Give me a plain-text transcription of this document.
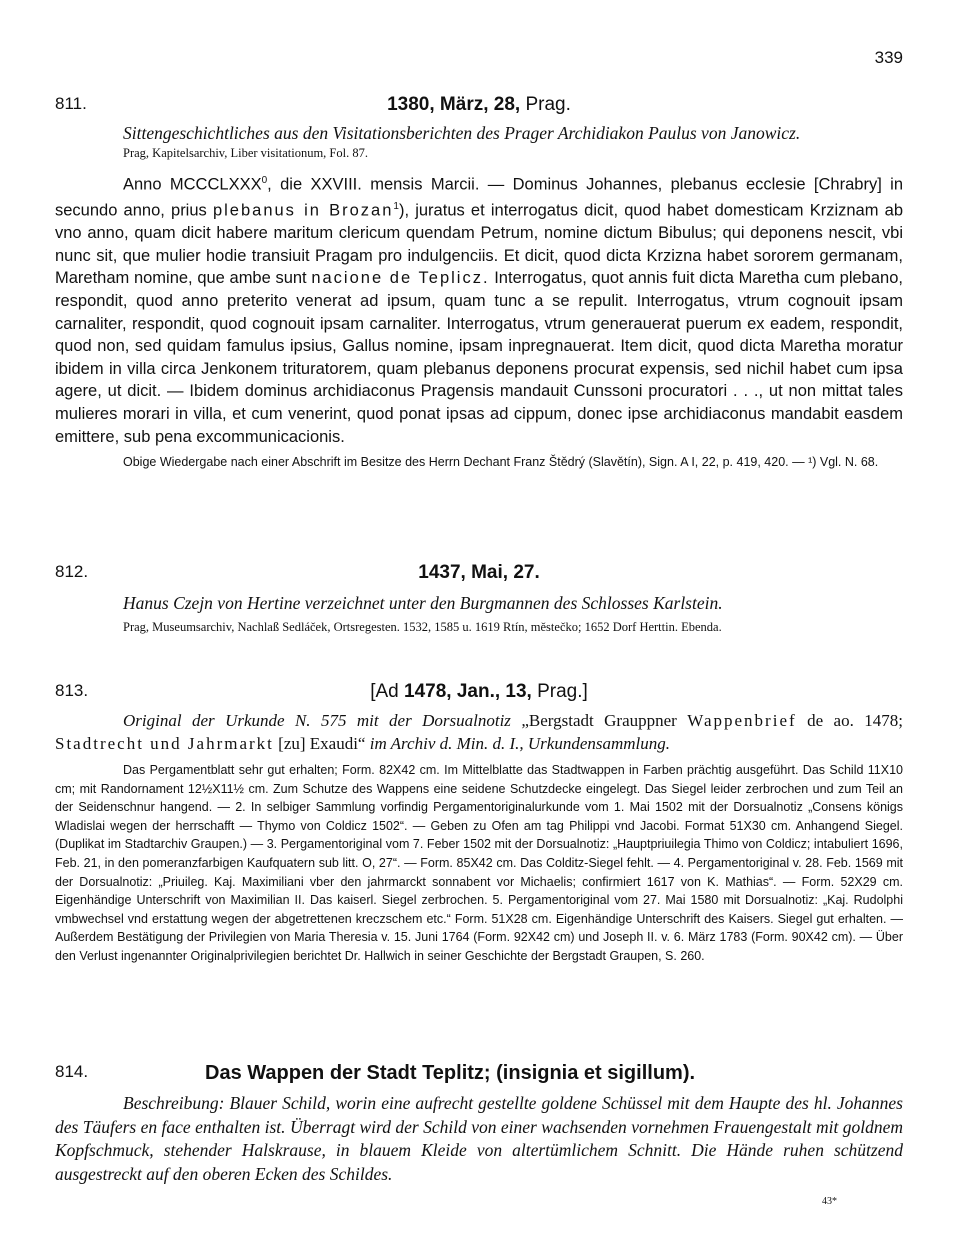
339
811.	1380, März, 28, Prag.
Sittengeschichtliches aus den Visitationsberichten des Prager Archidiakon Paulus von Janowicz.
Prag, Kapitelsarchiv, Liber visitationum, Fol. 87.
Anno MCCCLXXX$^0$, die XXVIII. mensis Marcii. — Dominus Johannes, plebanus ecclesie [Chrabry] in secundo anno, prius plebanus in Brozan$^1$), juratus et interrogatus dicit, quod habet domesticam Krziznam ab vno anno, quam dicit habere maritum clericum quendam Petrum, nomine dictum Bibulus; qui deponens nescit, vbi nunc sit, que mulier hodie transiuit Pragam pro indulgenciis. Et dicit, quod dicta Krzizna habet sororem germanam, Maretham nomine, que ambe sunt nacione de Teplicz. Interrogatus, quot annis fuit dicta Maretha cum plebano, respondit, quod anno preterito venerat ad ipsum, quam tunc a se repulit. Interrogatus, vtrum cognouit ipsam carnaliter, respondit, quod cognouit ipsam carnaliter. Interrogatus, vtrum generauerat puerum ex eadem, respondit, quod non, sed quidam famulus ipsius, Gallus nomine, ipsam inpregnauerat. Item dicit, quod dicta Maretha moratur ibidem in villa circa Jenkonem trituratorem, quam plebanus deponens procurat expensis, sed nichil habet cum ipsa agere, ut dicit. — Ibidem dominus archidiaconus Pragensis mandauit Cunssoni procuratori . . ., ut non mittat tales mulieres morari in villa, et cum venerint, quod ponat ipsas ad cippum, donec ipse archidiaconus mandabit easdem emittere, sub pena excommunicacionis.
Obige Wiedergabe nach einer Abschrift im Besitze des Herrn Dechant Franz Štědrý (Slavětín), Sign. A I, 22, p. 419, 420. — ¹) Vgl. N. 68.
812.	1437, Mai, 27.
Hanus Czejn von Hertine verzeichnet unter den Burgmannen des Schlosses Karlstein.
Prag, Museumsarchiv, Nachlaß Sedláček, Ortsregesten. 1532, 1585 u. 1619 Rtín, městečko; 1652 Dorf Herttin. Ebenda.
813.	[Ad 1478, Jan., 13, Prag.]
Original der Urkunde N. 575 mit der Dorsualnotiz „Bergstadt Grauppner Wappenbrief de ao. 1478; Stadtrecht und Jahrmarkt [zu] Exaudi“ im Archiv d. Min. d. I., Urkundensammlung.
Das Pergamentblatt sehr gut erhalten; Form. 82X42 cm. Im Mittelblatte das Stadtwappen in Farben prächtig ausgeführt. Das Schild 11X10 cm; mit Randornament 12½X11½ cm. Zum Schutze des Wappens eine seidene Schutzdecke eingelegt. Das Siegel leider zerbrochen und zum Teil an der Seidenschnur hangend. — 2. In selbiger Sammlung vorfindig Pergamentoriginalurkunde vom 1. Mai 1502 mit der Dorsualnotiz „Consens königs Wladislai wegen der herrschafft — Thymo von Coldicz 1502“. — Geben zu Ofen am tag Philippi vnd Jacobi. Format 51X30 cm. Anhangend Siegel. (Duplikat im Stadtarchiv Graupen.) — 3. Pergamentoriginal vom 7. Feber 1502 mit der Dorsualnotiz: „Hauptpriuilegia Thimo von Coldicz; intabuliert 1696, Feb. 21, in den pomeranzfarbigen Kaufquatern sub litt. O, 27“. — Form. 85X42 cm. Das Colditz-Siegel fehlt. — 4. Pergamentoriginal v. 28. Feb. 1569 mit der Dorsualnotiz: „Priuileg. Kaj. Maximiliani vber den jahrmarckt sonnabent vor Michaelis; confirmiert 1617 von K. Mathias“. — Form. 52X29 cm. Eigenhändige Unterschrift von Maximilian II. Das kaiserl. Siegel zerbrochen. 5. Pergamentoriginal vom 27. Mai 1580 mit Dorsualnotiz: „Kaj. Rudolphi vmbwechsel vnd erstattung wegen der abgetrettenen kreczschem etc.“ Form. 51X28 cm. Eigenhändige Unterschrift des Kaisers. Siegel gut erhalten. — Außerdem Bestätigung der Privilegien von Maria Theresia v. 15. Juni 1764 (Form. 92X42 cm) und Joseph II. v. 6. März 1783 (Form. 90X42 cm). — Über den Verlust ingenannter Originalprivilegien berichtet Dr. Hallwich in seiner Geschichte der Bergstadt Graupen, S. 260.
814.	Das Wappen der Stadt Teplitz; (insignia et sigillum).
Beschreibung: Blauer Schild, worin eine aufrecht gestellte goldene Schüssel mit dem Haupte des hl. Johannes des Täufers en face enthalten ist. Überragt wird der Schild von einer wachsenden vornehmen Frauengestalt mit goldnem Kopfschmuck, stehender Halskrause, in blauem Kleide von altertümlichem Schnitt. Die Hände ruhen schützend ausgestreckt auf den oberen Ecken des Schildes.
43*
